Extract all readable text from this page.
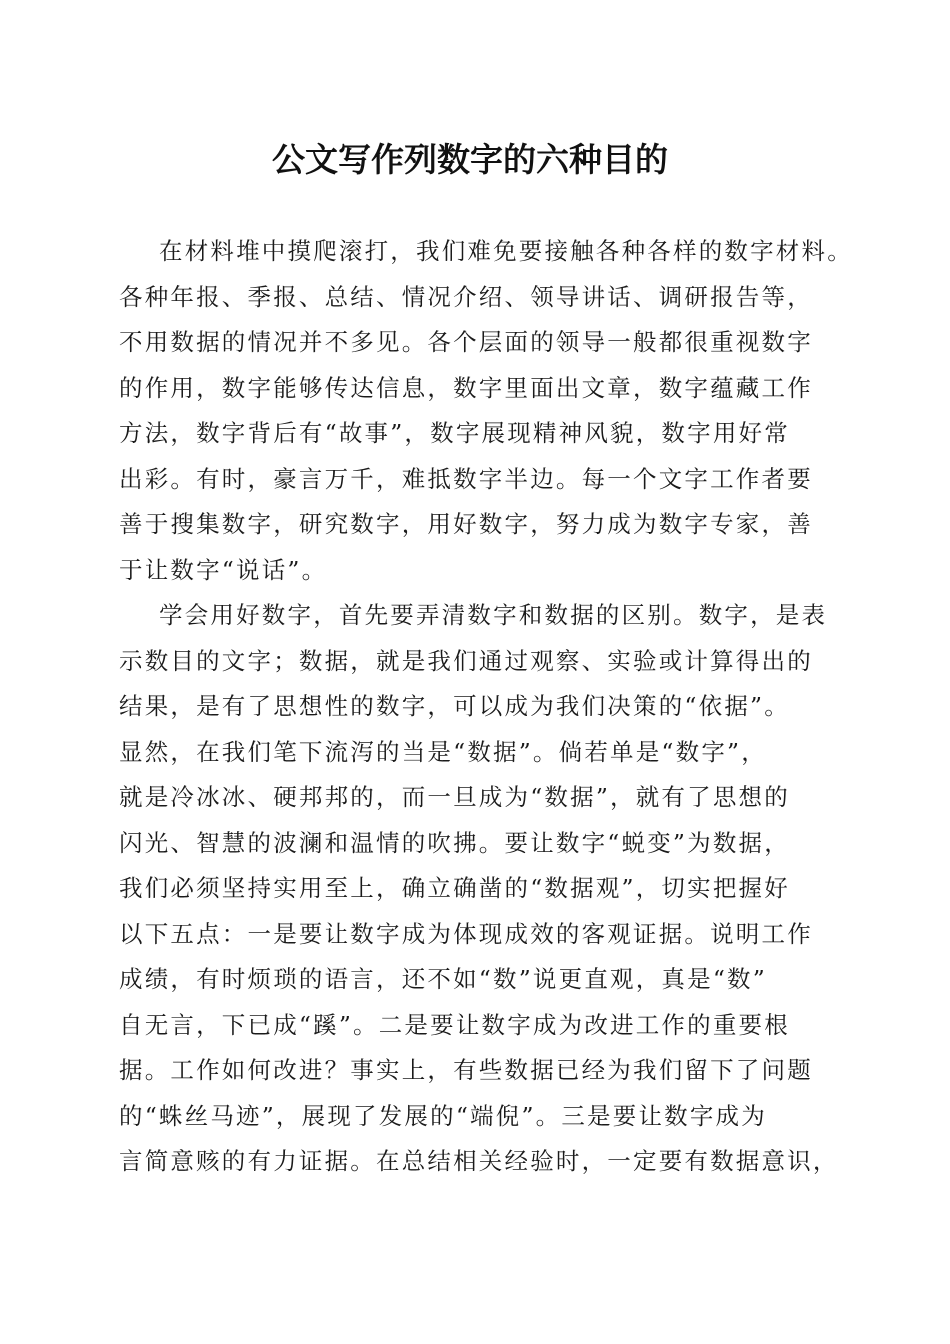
公文写作列数字的六种目的
在材料堆中摸爬滚打，我们难免要接触各种各样的数字材料。
各种年报、季报、总结、情况介绍、领导讲话、调研报告等，
不用数据的情况并不多见。各个层面的领导一般都很重视数字
的作用，数字能够传达信息，数字里面出文章，数字蕴藏工作
方法，数字背后有“故事”，数字展现精神风貌，数字用好常
出彩。有时，豪言万千，难抵数字半边。每一个文字工作者要
善于搜集数字，研究数字，用好数字，努力成为数字专家，善
于让数字“说话”。
学会用好数字，首先要弄清数字和数据的区别。数字，是表
示数目的文字；数据，就是我们通过观察、实验或计算得出的
结果，是有了思想性的数字，可以成为我们决策的“依据”。
显然，在我们笔下流泻的当是“数据”。倘若单是“数字”，
就是冷冰冰、硬邦邦的，而一旦成为“数据”，就有了思想的
闪光、智慧的波澜和温情的吹拂。要让数字“蜕变”为数据，
我们必须坚持实用至上，确立确凿的“数据观”，切实把握好
以下五点：一是要让数字成为体现成效的客观证据。说明工作
成绩，有时烦琐的语言，还不如“数”说更直观，真是“数”
自无言，下已成“蹊”。二是要让数字成为改进工作的重要根
据。工作如何改进？事实上，有些数据已经为我们留下了问题
的“蛛丝马迹”，展现了发展的“端倪”。三是要让数字成为
言简意赅的有力证据。在总结相关经验时，一定要有数据意识，
